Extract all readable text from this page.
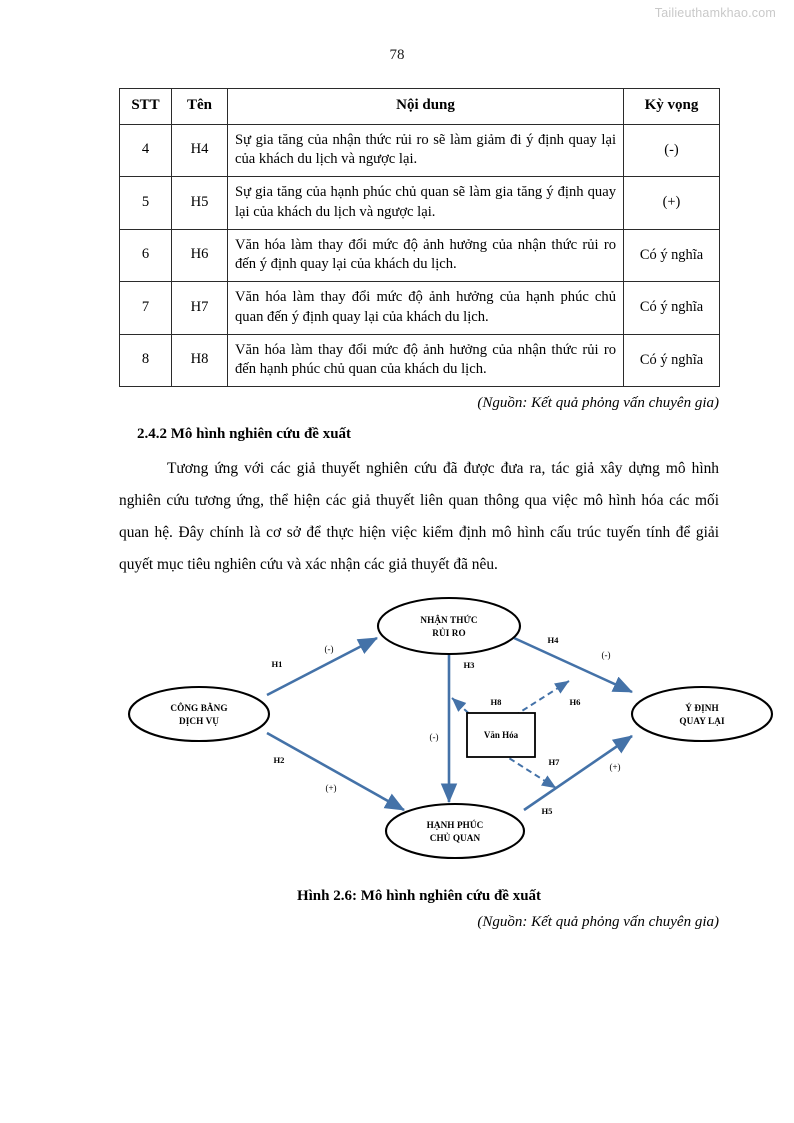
Tailieuthamkhao.com
78
STT	Tên	Nội dung	Kỳ vọng
4	H4	Sự gia tăng của nhận thức rủi ro sẽ làm giảm đi ý định quay lại của khách du lịch và ngược lại.	(-)
5	H5	Sự gia tăng của hạnh phúc chủ quan sẽ làm gia tăng ý định quay lại của khách du lịch và ngược lại.	(+)
6	H6	Văn hóa làm thay đổi mức độ ảnh hưởng của nhận thức rủi ro đến ý định quay lại của khách du lịch.	Có ý nghĩa
7	H7	Văn hóa làm thay đổi mức độ ảnh hưởng của hạnh phúc chủ quan đến ý định quay lại của khách du lịch.	Có ý nghĩa
8	H8	Văn hóa làm thay đổi mức độ ảnh hưởng của nhận thức rủi ro đến hạnh phúc chủ quan của khách du lịch.	Có ý nghĩa
(Nguồn: Kết quả phỏng vấn chuyên gia)
2.4.2 Mô hình nghiên cứu đề xuất
Tương ứng với các giả thuyết nghiên cứu đã được đưa ra, tác giả xây dựng mô hình nghiên cứu tương ứng, thể hiện các giả thuyết liên quan thông qua việc mô hình hóa các mối quan hệ. Đây chính là cơ sở để thực hiện việc kiểm định mô hình cấu trúc tuyến tính để giải quyết mục tiêu nghiên cứu và xác nhận các giả thuyết đã nêu.
NHẬN THỨC
RỦI RO
CÔNG BẰNG
DỊCH VỤ
Ý ĐỊNH
QUAY LẠI
HẠNH PHÚC
CHỦ QUAN
Văn Hóa
H1
(-)
H2
(+)
H3
(-)
H4
(-)
H5
(+)
H6
H7
H8
Hình 2.6: Mô hình nghiên cứu đề xuất
(Nguồn: Kết quả phỏng vấn chuyên gia)
